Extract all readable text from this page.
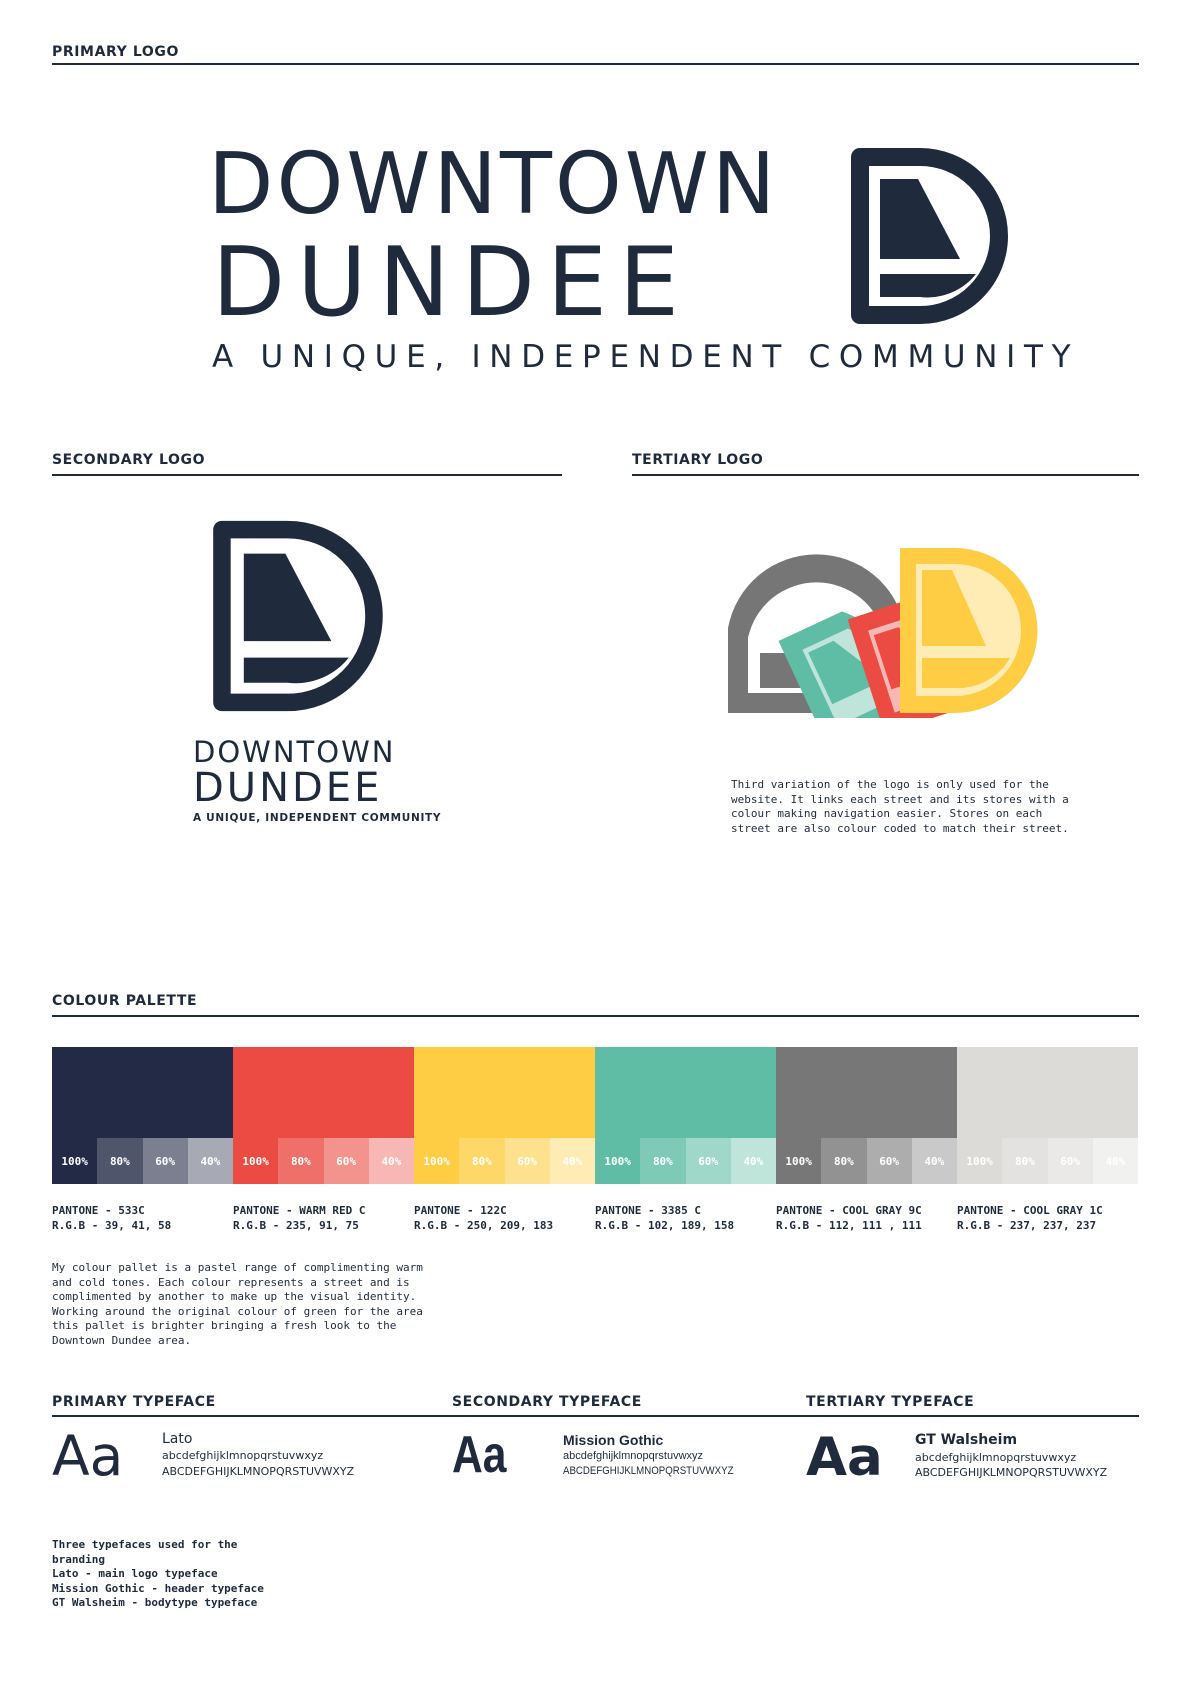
PRIMARY LOGO
DOWNTOWN
DUNDEE
A UNIQUE, INDEPENDENT COMMUNITY
SECONDARY LOGO
DOWNTOWN
DUNDEE
A UNIQUE, INDEPENDENT COMMUNITY
TERTIARY LOGO
Third variation of the logo is only used for the website. It links each street and its stores with a colour making navigation easier. Stores on each street are also colour coded to match their street.
COLOUR PALETTE
100%	80%	60%	40%
PANTONE - 533C
R.G.B - 39, 41, 58
100%	80%	60%	40%
PANTONE - WARM RED C
R.G.B - 235, 91, 75
100%	80%	60%	40%
PANTONE - 122C
R.G.B - 250, 209, 183
100%	80%	60%	40%
PANTONE - 3385 C
R.G.B - 102, 189, 158
100%	80%	60%	40%
PANTONE - COOL GRAY 9C
R.G.B - 112, 111 , 111
100%	80%	60%	40%
PANTONE - COOL GRAY 1C
R.G.B - 237, 237, 237
My colour pallet is a pastel range of complimenting warm and cold tones. Each colour represents a street and is complimented by another to make up the visual identity. Working around the original colour of green for the area this pallet is brighter bringing a fresh look to the Downtown Dundee area.
PRIMARY TYPEFACE	SECONDARY TYPEFACE	TERTIARY TYPEFACE
Aa	Lato
abcdefghijklmnopqrstuvwxyz
ABCDEFGHIJKLMNOPQRSTUVWXYZ Aa	Mission Gothic
abcdefghijklmnopqrstuvwxyz
ABCDEFGHIJKLMNOPQRSTUVWXYZ Aa GT Walsheim
abcdefghijklmnopqrstuvwxyz
ABCDEFGHIJKLMNOPQRSTUVWXYZ
Three typefaces used for the
branding
Lato - main logo typeface
Mission Gothic - header typeface
GT Walsheim - bodytype typeface
